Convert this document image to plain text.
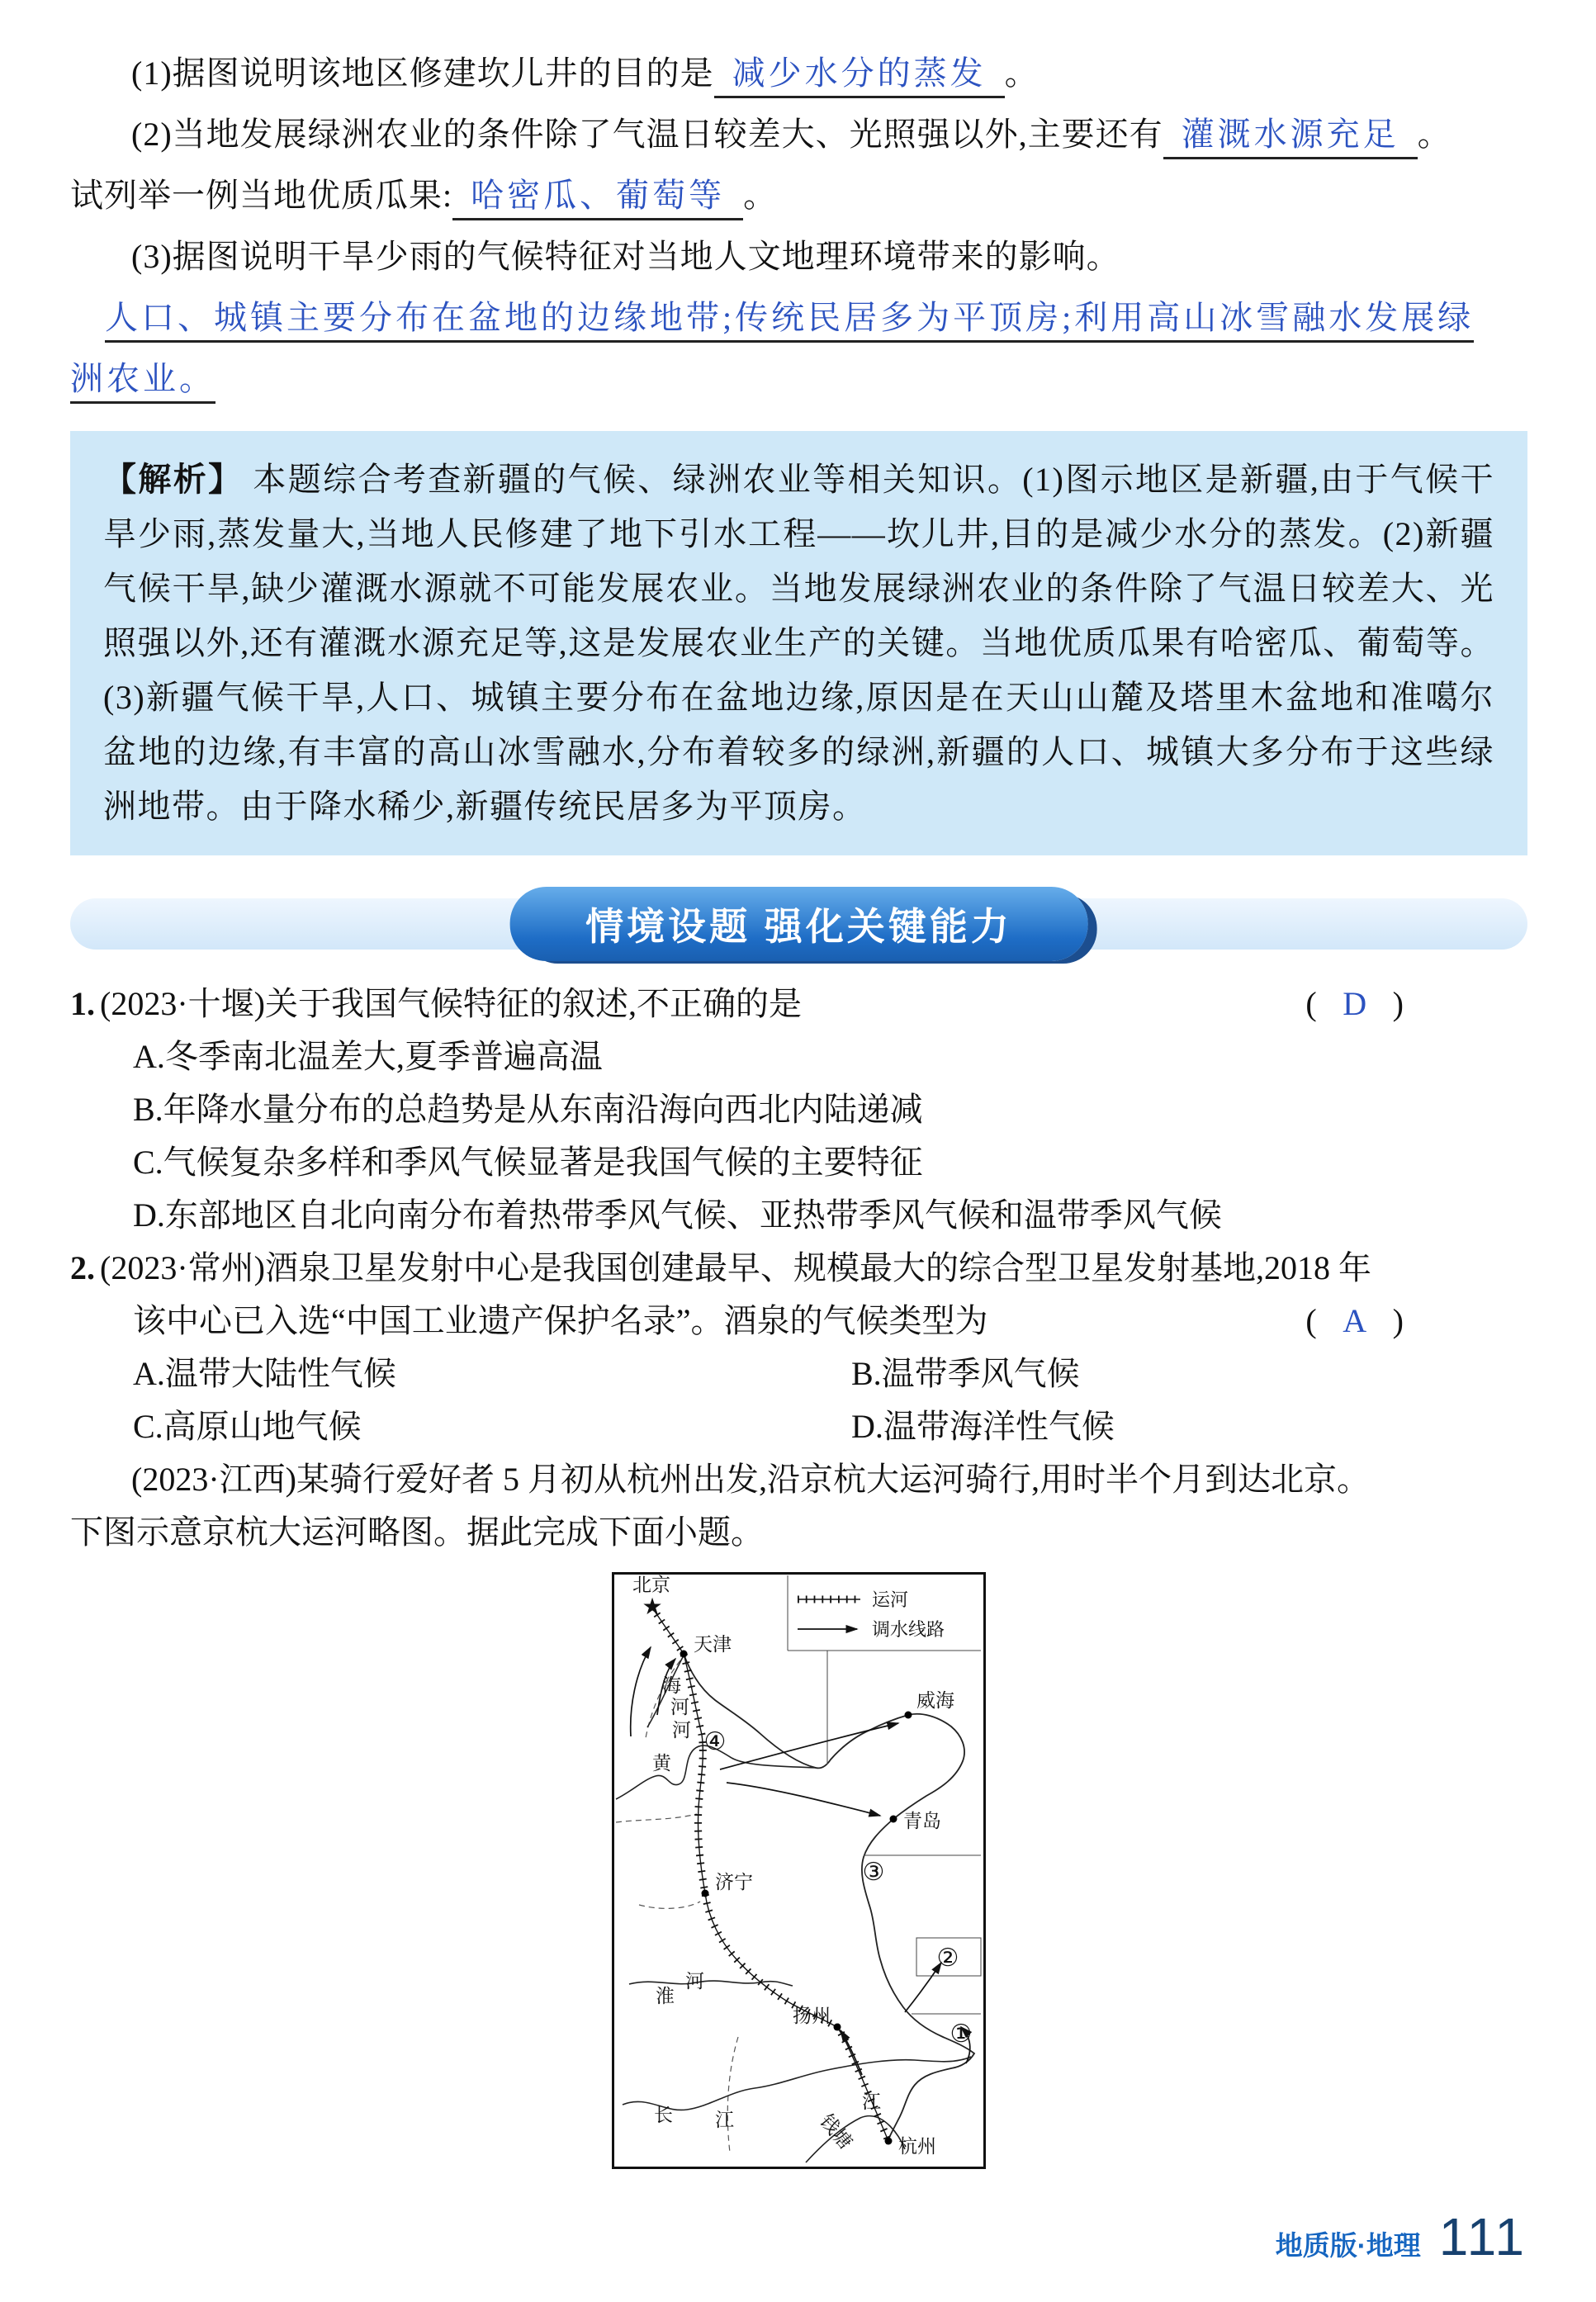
(1)据图说明该地区修建坎儿井的目的是 减少水分的蒸发 。

(2)当地发展绿洲农业的条件除了气温日较差大、光照强以外,主要还有 灌溉水源充足 。

试列举一例当地优质瓜果: 哈密瓜、葡萄等 。

(3)据图说明干旱少雨的气候特征对当地人文地理环境带来的影响。

人口、城镇主要分布在盆地的边缘地带;传统民居多为平顶房;利用高山冰雪融水发展绿

洲农业。

【解析】 本题综合考查新疆的气候、绿洲农业等相关知识。(1)图示地区是新疆,由于气候干旱少雨,蒸发量大,当地人民修建了地下引水工程——坎儿井,目的是减少水分的蒸发。(2)新疆气候干旱,缺少灌溉水源就不可能发展农业。当地发展绿洲农业的条件除了气温日较差大、光照强以外,还有灌溉水源充足等,这是发展农业生产的关键。当地优质瓜果有哈密瓜、葡萄等。(3)新疆气候干旱,人口、城镇主要分布在盆地边缘,原因是在天山山麓及塔里木盆地和准噶尔盆地的边缘,有丰富的高山冰雪融水,分布着较多的绿洲,新疆的人口、城镇大多分布于这些绿洲地带。由于降水稀少,新疆传统民居多为平顶房。
情境设题 强化关键能力
1. (2023·十堰)关于我国气候特征的叙述,不正确的是	( D )

A.冬季南北温差大,夏季普遍高温

B.年降水量分布的总趋势是从东南沿海向西北内陆递减

C.气候复杂多样和季风气候显著是我国气候的主要特征

D.东部地区自北向南分布着热带季风气候、亚热带季风气候和温带季风气候

2. (2023·常州)酒泉卫星发射中心是我国创建最早、规模最大的综合型卫星发射基地,2018 年
该中心已入选“中国工业遗产保护名录”。酒泉的气候类型为	( A )
A.温带大陆性气候	B.温带季风气候
C.高原山地气候	D.温带海洋性气候

(2023·江西)某骑行爱好者 5 月初从杭州出发,沿京杭大运河骑行,用时半个月到达北京。

下图示意京杭大运河略图。据此完成下面小题。

运河
调水线路
★
北京
天津
威海
青岛
济宁
扬州
杭州
海
河
黄
河
淮
河
长 江	钱塘
江
④
③
②
①
地质版·地理 111
